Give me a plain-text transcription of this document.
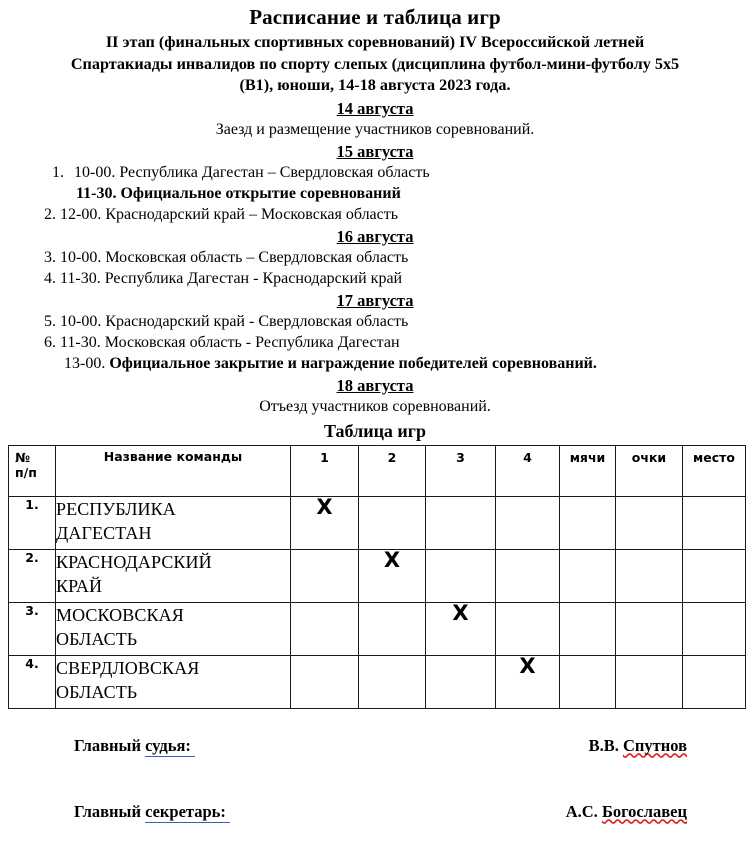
Расписание и таблица игр
II этап (финальных спортивных соревнований) IV Всероссийской летней
Спартакиады инвалидов по спорту слепых (дисциплина футбол-мини-футболу 5х5
(В1), юноши, 14-18 августа 2023 года.
14 августа
Заезд и размещение участников соревнований.
15 августа
1. 10-00. Республика Дагестан – Свердловская область
11-30. Официальное открытие соревнований
2. 12-00. Краснодарский край – Московская область
16 августа
3. 10-00. Московская область – Свердловская область
4. 11-30. Республика Дагестан - Краснодарский край
17 августа
5. 10-00. Краснодарский край - Свердловская область
6. 11-30. Московская область - Республика Дагестан
13-00. Официальное закрытие и награждение победителей соревнований.
18 августа
Отъезд участников соревнований.
Таблица игр
№
п/п	Название команды	1	2	3	4	мячи	очки	место
1.	РЕСПУБЛИКА
ДАГЕСТАН	X						
2.	КРАСНОДАРСКИЙ
КРАЙ		X					
3.	МОСКОВСКАЯ
ОБЛАСТЬ			X				
4.	СВЕРДЛОВСКАЯ
ОБЛАСТЬ				X			
Главный судья:	В.В. Спутнов
Главный секретарь:	А.С. Богославец
